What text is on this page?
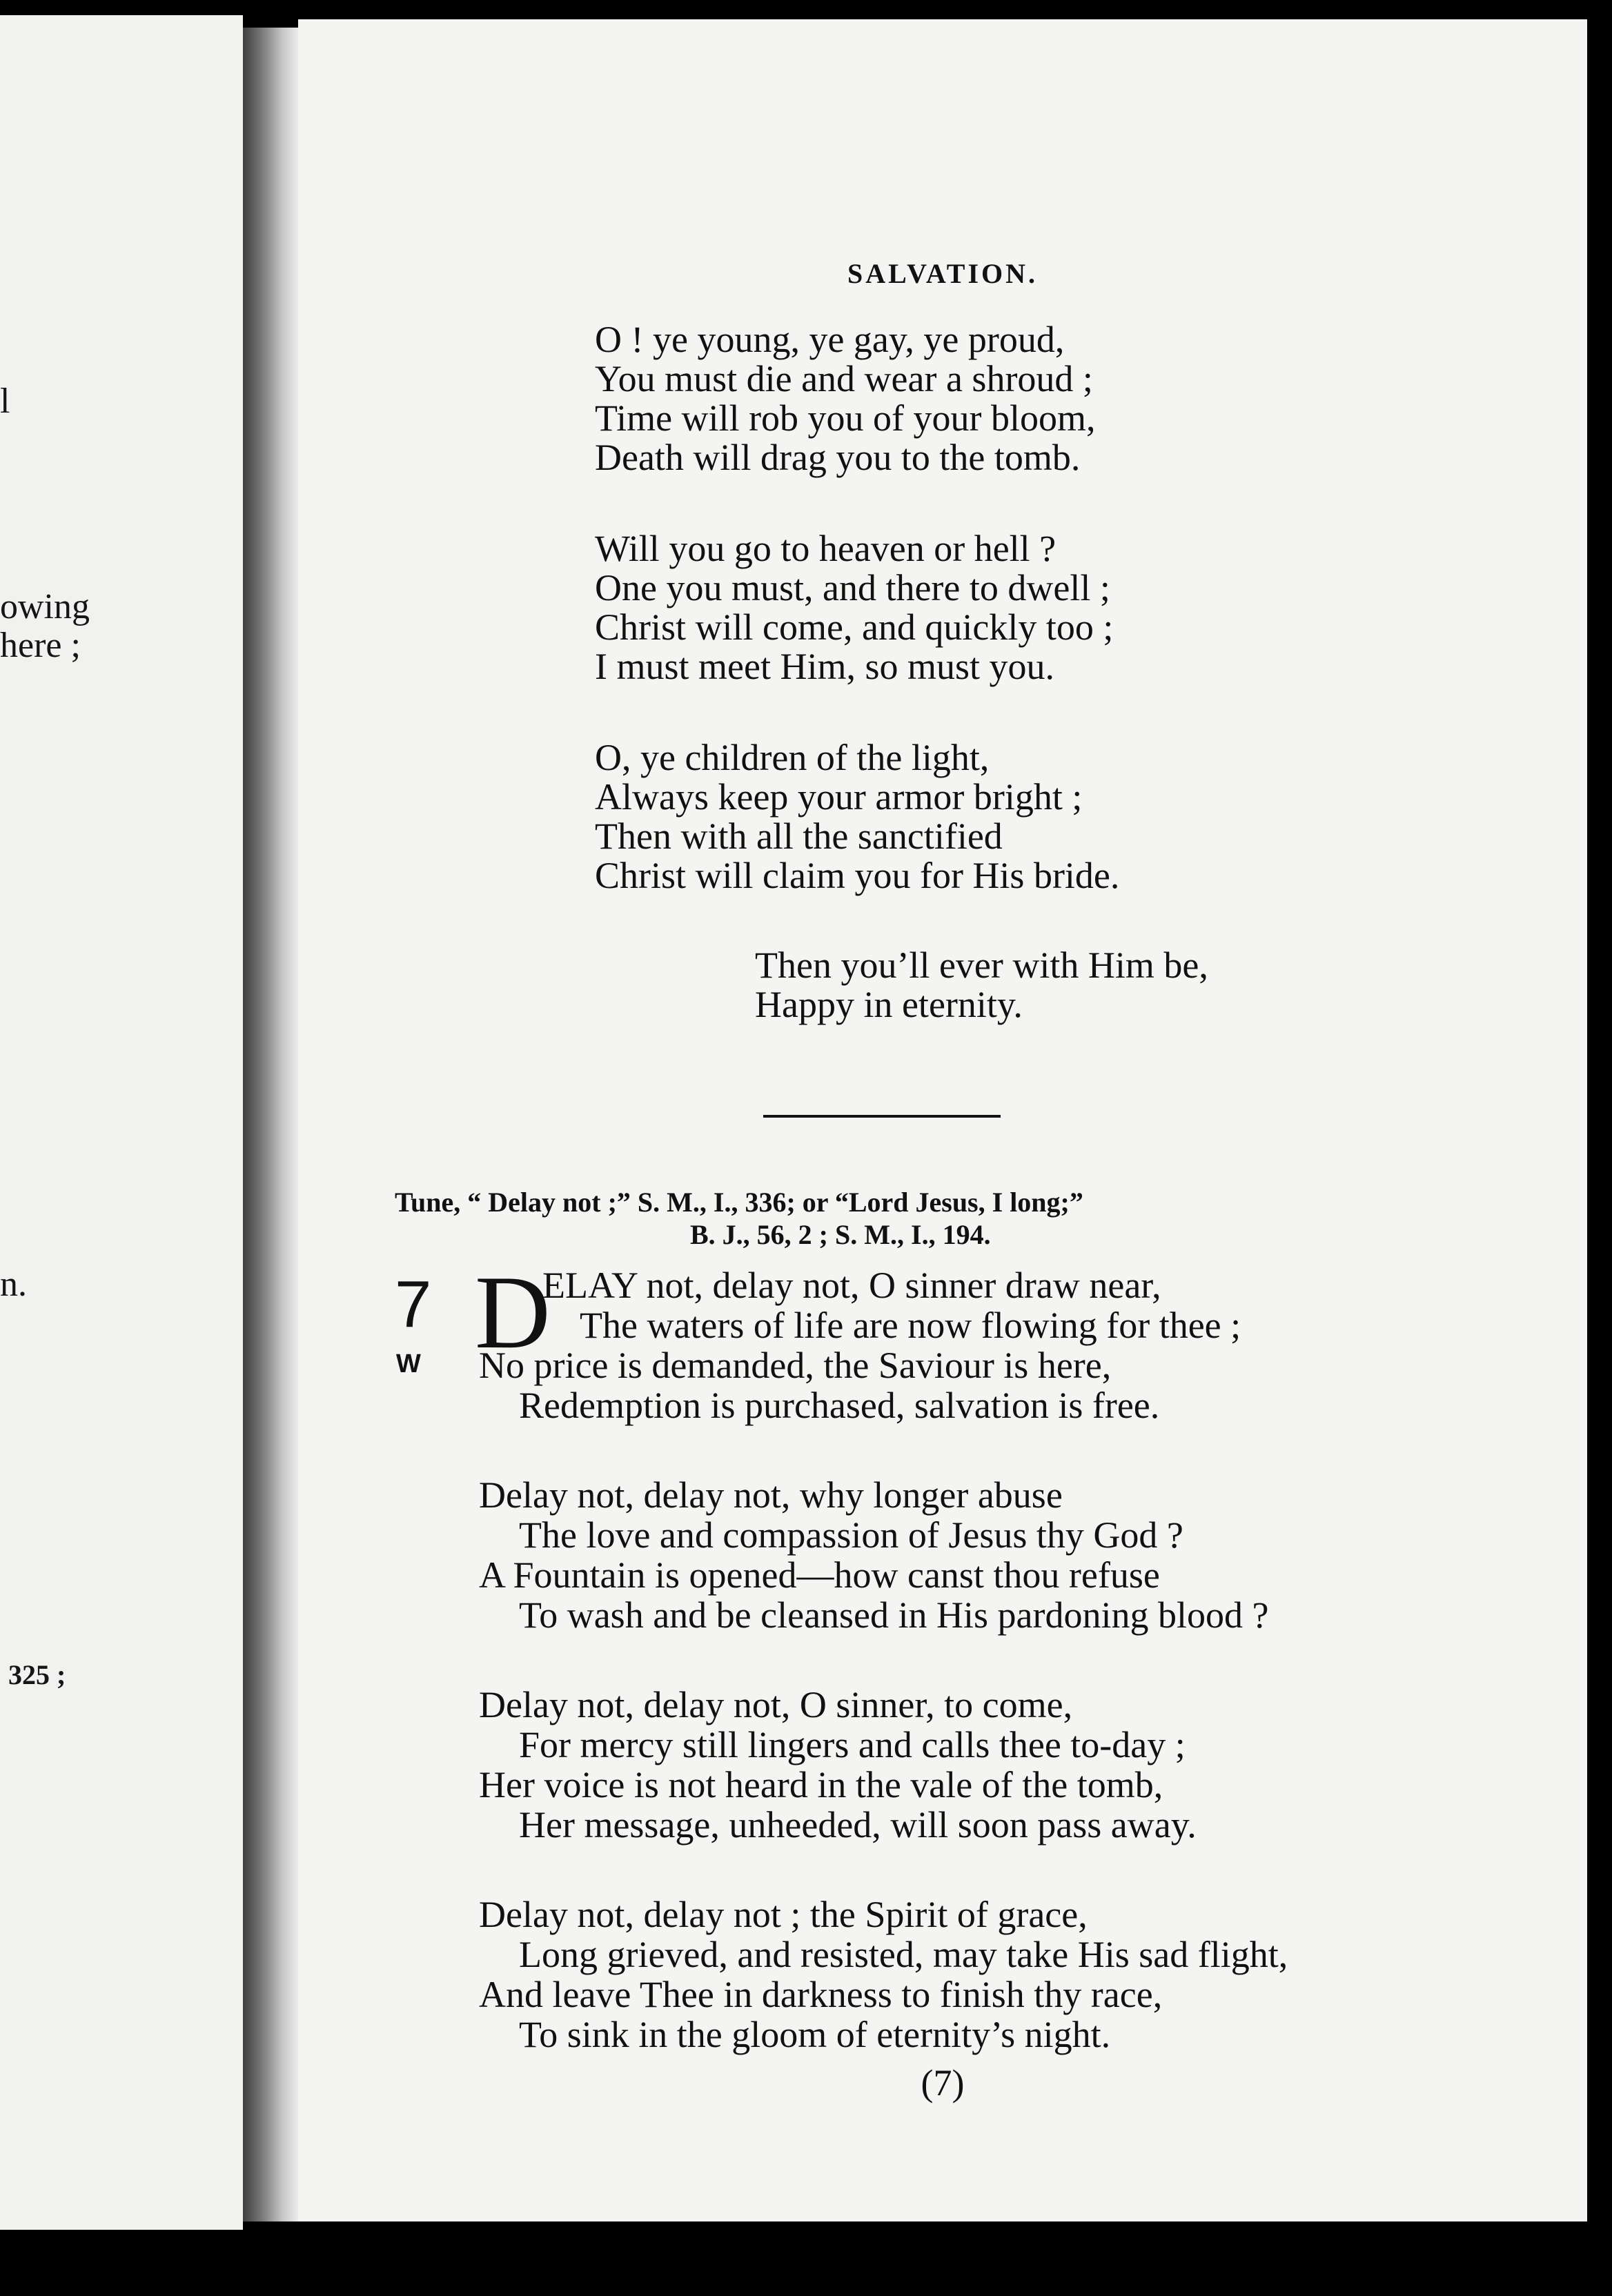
l
owing
here ;
n.
325 ;
SALVATION.
O ! ye young, ye gay, ye proud,
You must die and wear a shroud ;
Time will rob you of your bloom,
Death will drag you to the tomb.
Will you go to heaven or hell ?
One you must, and there to dwell ;
Christ will come, and quickly too ;
I must meet Him, so must you.
O, ye children of the light,
Always keep your armor bright ;
Then with all the sanctified
Christ will claim you for His bride.
Then you’ll ever with Him be,
Happy in eternity.
Tune, “ Delay not ;” S. M., I., 336; or “Lord Jesus, I long;”
B. J., 56, 2 ; S. M., I., 194.
7
W D
ELAY not, delay not, O sinner draw near,
The waters of life are now flowing for thee ;
No price is demanded, the Saviour is here,
Redemption is purchased, salvation is free.
Delay not, delay not, why longer abuse
The love and compassion of Jesus thy God ?
A Fountain is opened—how canst thou refuse
To wash and be cleansed in His pardoning blood ?
Delay not, delay not, O sinner, to come,
For mercy still lingers and calls thee to-day ;
Her voice is not heard in the vale of the tomb,
Her message, unheeded, will soon pass away.
Delay not, delay not ; the Spirit of grace,
Long grieved, and resisted, may take His sad flight,
And leave Thee in darkness to finish thy race,
To sink in the gloom of eternity’s night.
(7)
